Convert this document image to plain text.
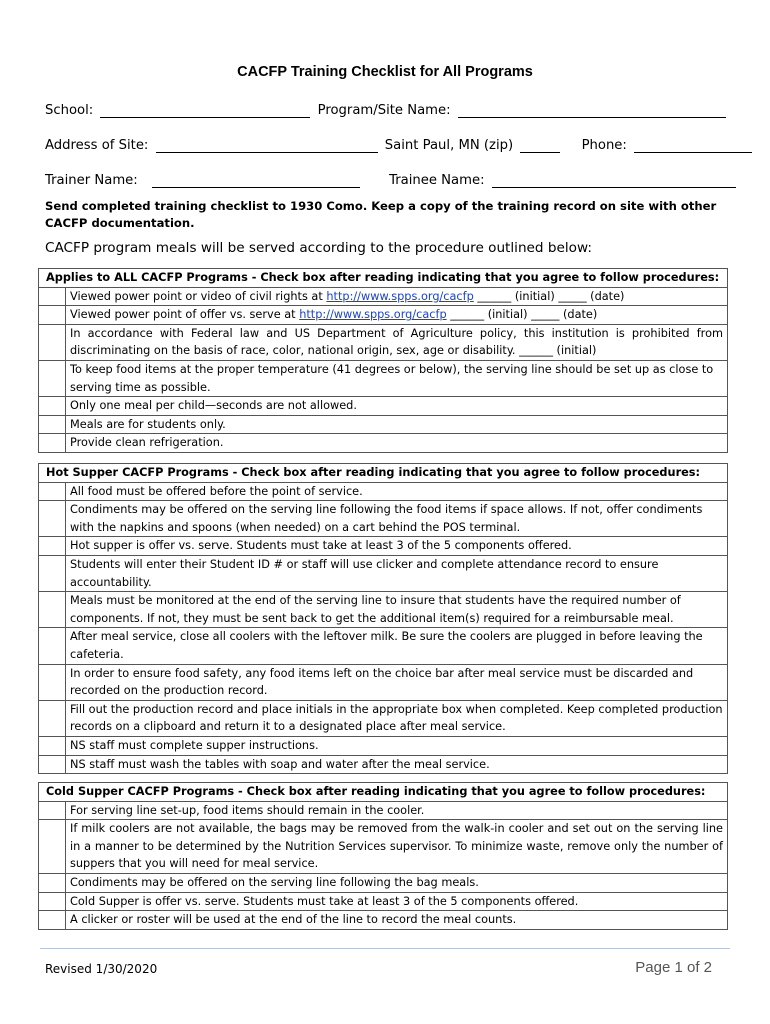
CACFP Training Checklist for All Programs
School:	Program/Site Name:
Address of Site:	Saint Paul, MN (zip)	Phone:
Trainer Name:	Trainee Name:
Send completed training checklist to 1930 Como. Keep a copy of the training record on site with other CACFP documentation.
CACFP program meals will be served according to the procedure outlined below:
Applies to ALL CACFP Programs - Check box after reading indicating that you agree to follow procedures:	
	Viewed power point or video of civil rights at http://www.spps.org/cacfp ______ (initial) _____ (date)
	Viewed power point of offer vs. serve at http://www.spps.org/cacfp ______ (initial) _____ (date)
	In accordance with Federal law and US Department of Agriculture policy, this institution is prohibited from discriminating on the basis of race, color, national origin, sex, age or disability. ______ (initial)
	To keep food items at the proper temperature (41 degrees or below), the serving line should be set up as close to serving time as possible.
	Only one meal per child—seconds are not allowed.
	Meals are for students only.
	Provide clean refrigeration.
Hot Supper CACFP Programs - Check box after reading indicating that you agree to follow procedures:	
	All food must be offered before the point of service.
	Condiments may be offered on the serving line following the food items if space allows. If not, offer condiments with the napkins and spoons (when needed) on a cart behind the POS terminal.
	Hot supper is offer vs. serve. Students must take at least 3 of the 5 components offered.
	Students will enter their Student ID # or staff will use clicker and complete attendance record to ensure accountability.
	Meals must be monitored at the end of the serving line to insure that students have the required number of components. If not, they must be sent back to get the additional item(s) required for a reimbursable meal.
	After meal service, close all coolers with the leftover milk. Be sure the coolers are plugged in before leaving the cafeteria.
	In order to ensure food safety, any food items left on the choice bar after meal service must be discarded and recorded on the production record.
	Fill out the production record and place initials in the appropriate box when completed. Keep completed production records on a clipboard and return it to a designated place after meal service.
	NS staff must complete supper instructions.
	NS staff must wash the tables with soap and water after the meal service.
Cold Supper CACFP Programs - Check box after reading indicating that you agree to follow procedures:	
	For serving line set-up, food items should remain in the cooler.
	If milk coolers are not available, the bags may be removed from the walk-in cooler and set out on the serving line in a manner to be determined by the Nutrition Services supervisor. To minimize waste, remove only the number of suppers that you will need for meal service.
	Condiments may be offered on the serving line following the bag meals.
	Cold Supper is offer vs. serve. Students must take at least 3 of the 5 components offered.
	A clicker or roster will be used at the end of the line to record the meal counts.
Revised 1/30/2020	Page 1 of 2
